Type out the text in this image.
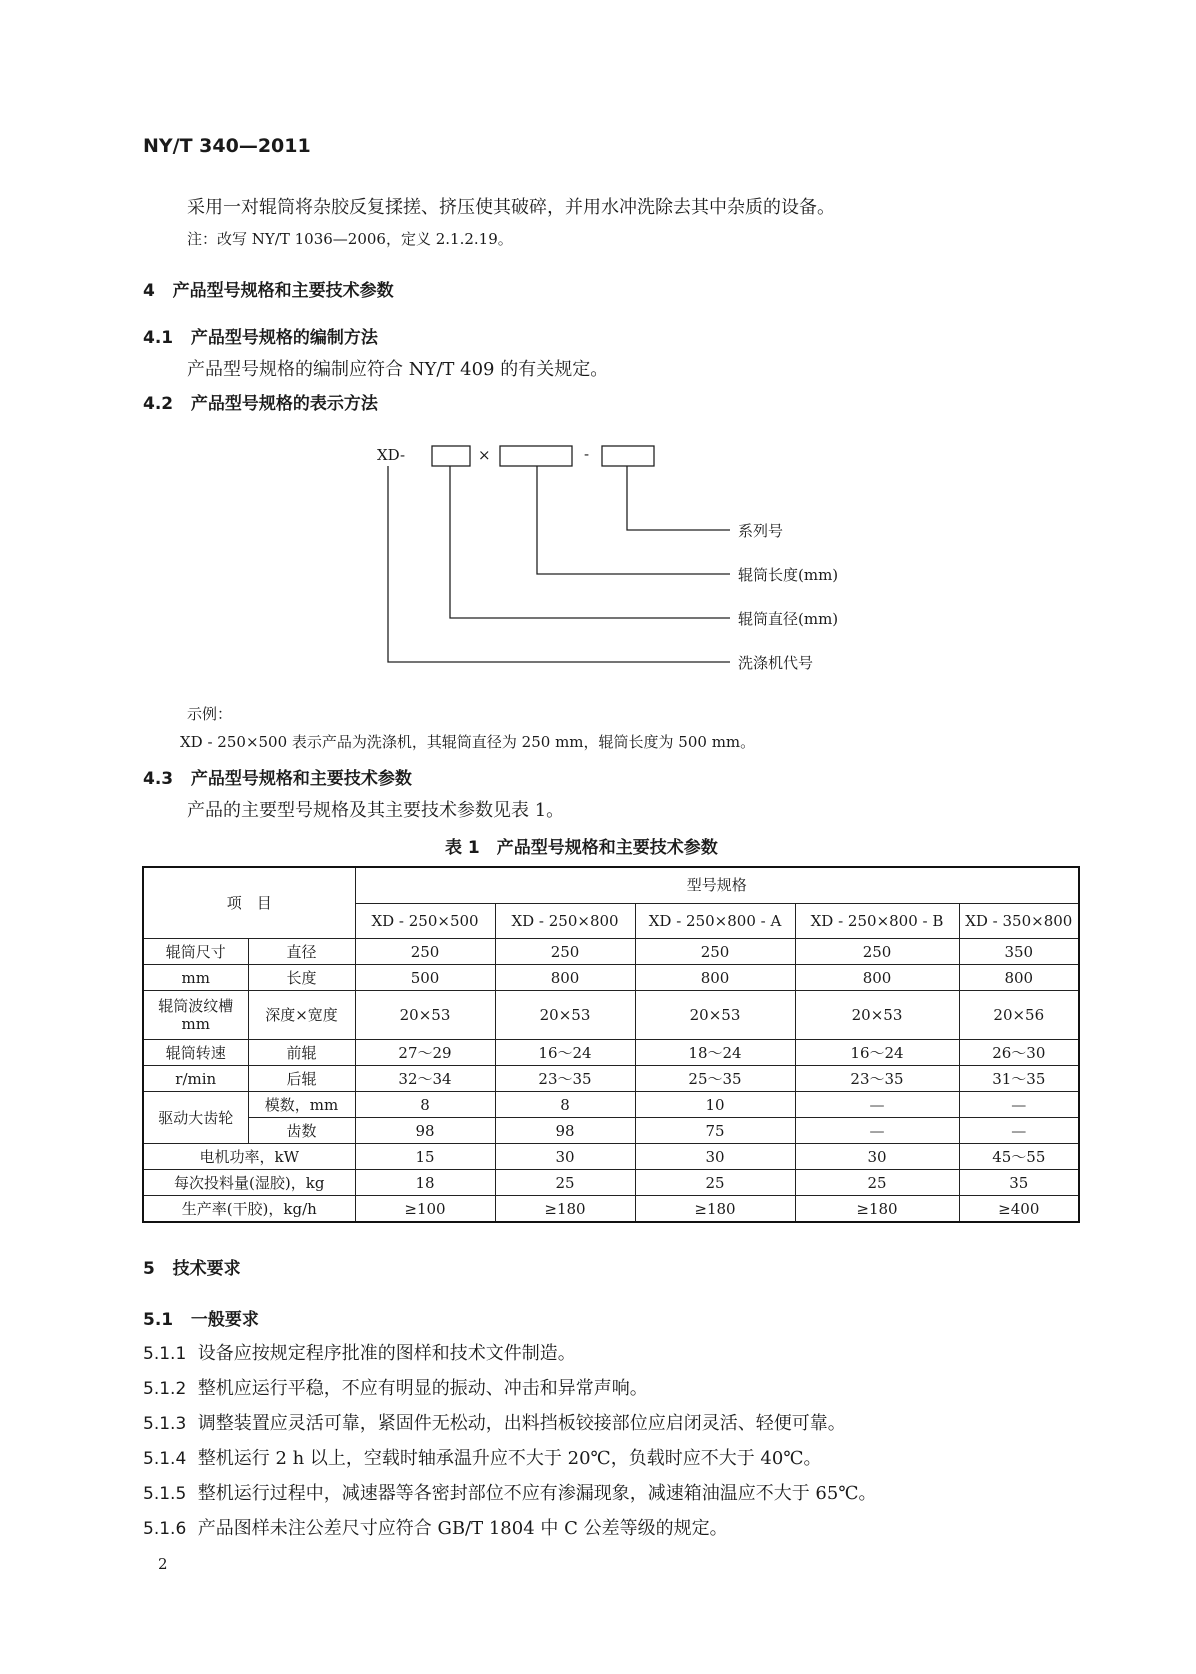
NY/T 340—2011
采用一对辊筒将杂胶反复揉搓、挤压使其破碎，并用水冲洗除去其中杂质的设备。
注：改写 NY/T 1036—2006，定义 2.1.2.19。
4 产品型号规格和主要技术参数
4.1 产品型号规格的编制方法
产品型号规格的编制应符合 NY/T 409 的有关规定。
4.2 产品型号规格的表示方法
XD-	×	-
系列号
辊筒长度(mm)
辊筒直径(mm)
洗涤机代号
示例：
XD - 250×500 表示产品为洗涤机，其辊筒直径为 250 mm，辊筒长度为 500 mm。
4.3 产品型号规格和主要技术参数
产品的主要型号规格及其主要技术参数见表 1。
表 1　产品型号规格和主要技术参数
项　目		型号规格				
		XD - 250×500	XD - 250×800	XD - 250×800 - A	XD - 250×800 - B	XD - 350×800
辊筒尺寸	直径	250	250	250	250	350
mm	长度	500	800	800	800	800
辊筒波纹槽
mm	深度×宽度	20×53	20×53	20×53	20×53	20×56
辊筒转速	前辊	27～29	16～24	18～24	16～24	26～30
r/min	后辊	32～34	23～35	25～35	23～35	31～35
驱动大齿轮	模数，mm	8	8	10	—	—
	齿数	98	98	75	—	—
电机功率，kW		15	30	30	30	45～55
每次投料量(湿胶)，kg		18	25	25	25	35
生产率(干胶)，kg/h		≥100	≥180	≥180	≥180	≥400
5 技术要求
5.1 一般要求
5.1.1 设备应按规定程序批准的图样和技术文件制造。
5.1.2 整机应运行平稳，不应有明显的振动、冲击和异常声响。
5.1.3 调整装置应灵活可靠，紧固件无松动，出料挡板铰接部位应启闭灵活、轻便可靠。
5.1.4 整机运行 2 h 以上，空载时轴承温升应不大于 20℃，负载时应不大于 40℃。
5.1.5 整机运行过程中，减速器等各密封部位不应有渗漏现象，减速箱油温应不大于 65℃。
5.1.6 产品图样未注公差尺寸应符合 GB/T 1804 中 C 公差等级的规定。
2
